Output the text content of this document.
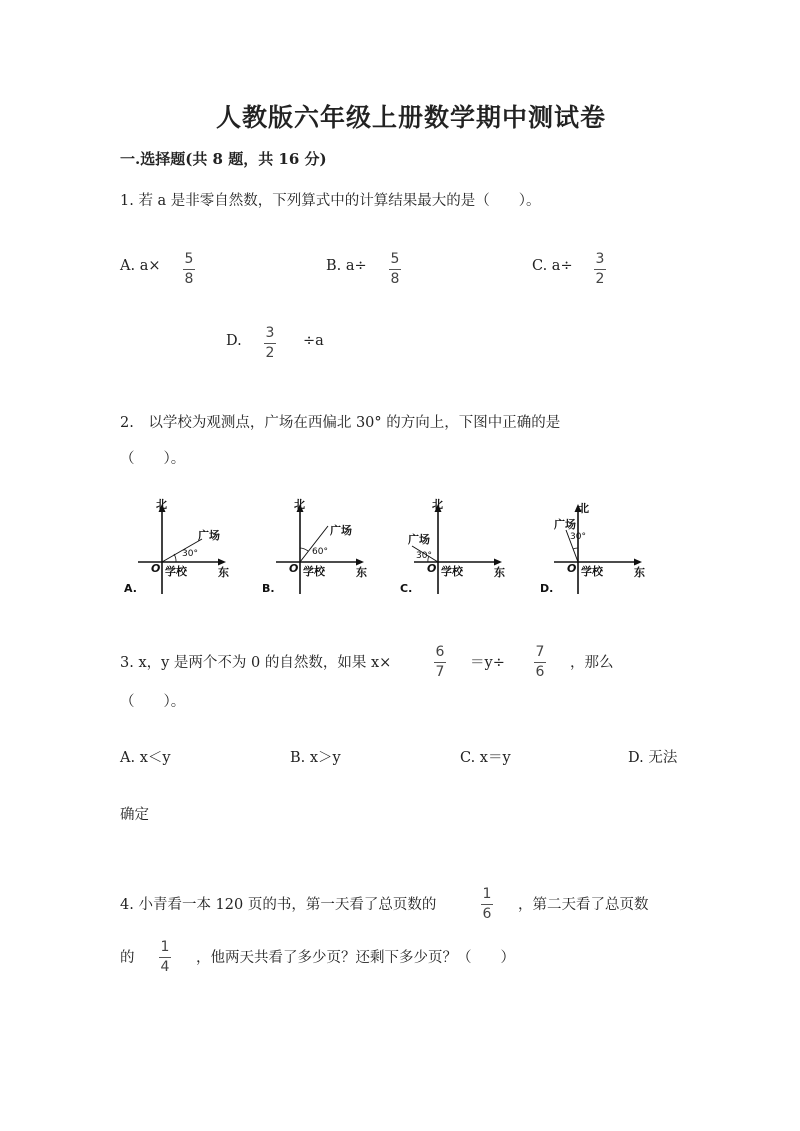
人教版六年级上册数学期中测试卷
一.选择题(共 8 题，共 16 分)
1. 若 a 是非零自然数，下列算式中的计算结果最大的是（　　）。
A. a× 5
8
B. a÷ 5
8
C. a÷ 3
2
D. 3
2
÷a
2.　以学校为观测点，广场在西偏北 30° 的方向上，下图中正确的是
（　　）。
北
广场
30°
O 学校	东
A.
北
广场
60°
O 学校	东
B.
北
广场
30°
O 学校	东
C.
北
广场
30°
O 学校	东
D.
3. x，y 是两个不为 0 的自然数，如果 x×
6
7
＝y÷
7
6
，那么
（　　）。
A. x＜y	B. x＞y	C. x＝y	D. 无法
确定
4. 小青看一本 120 页的书，第一天看了总页数的
1
6
，第二天看了总页数
的
1
4
，他两天共看了多少页？还剩下多少页？（　　）
